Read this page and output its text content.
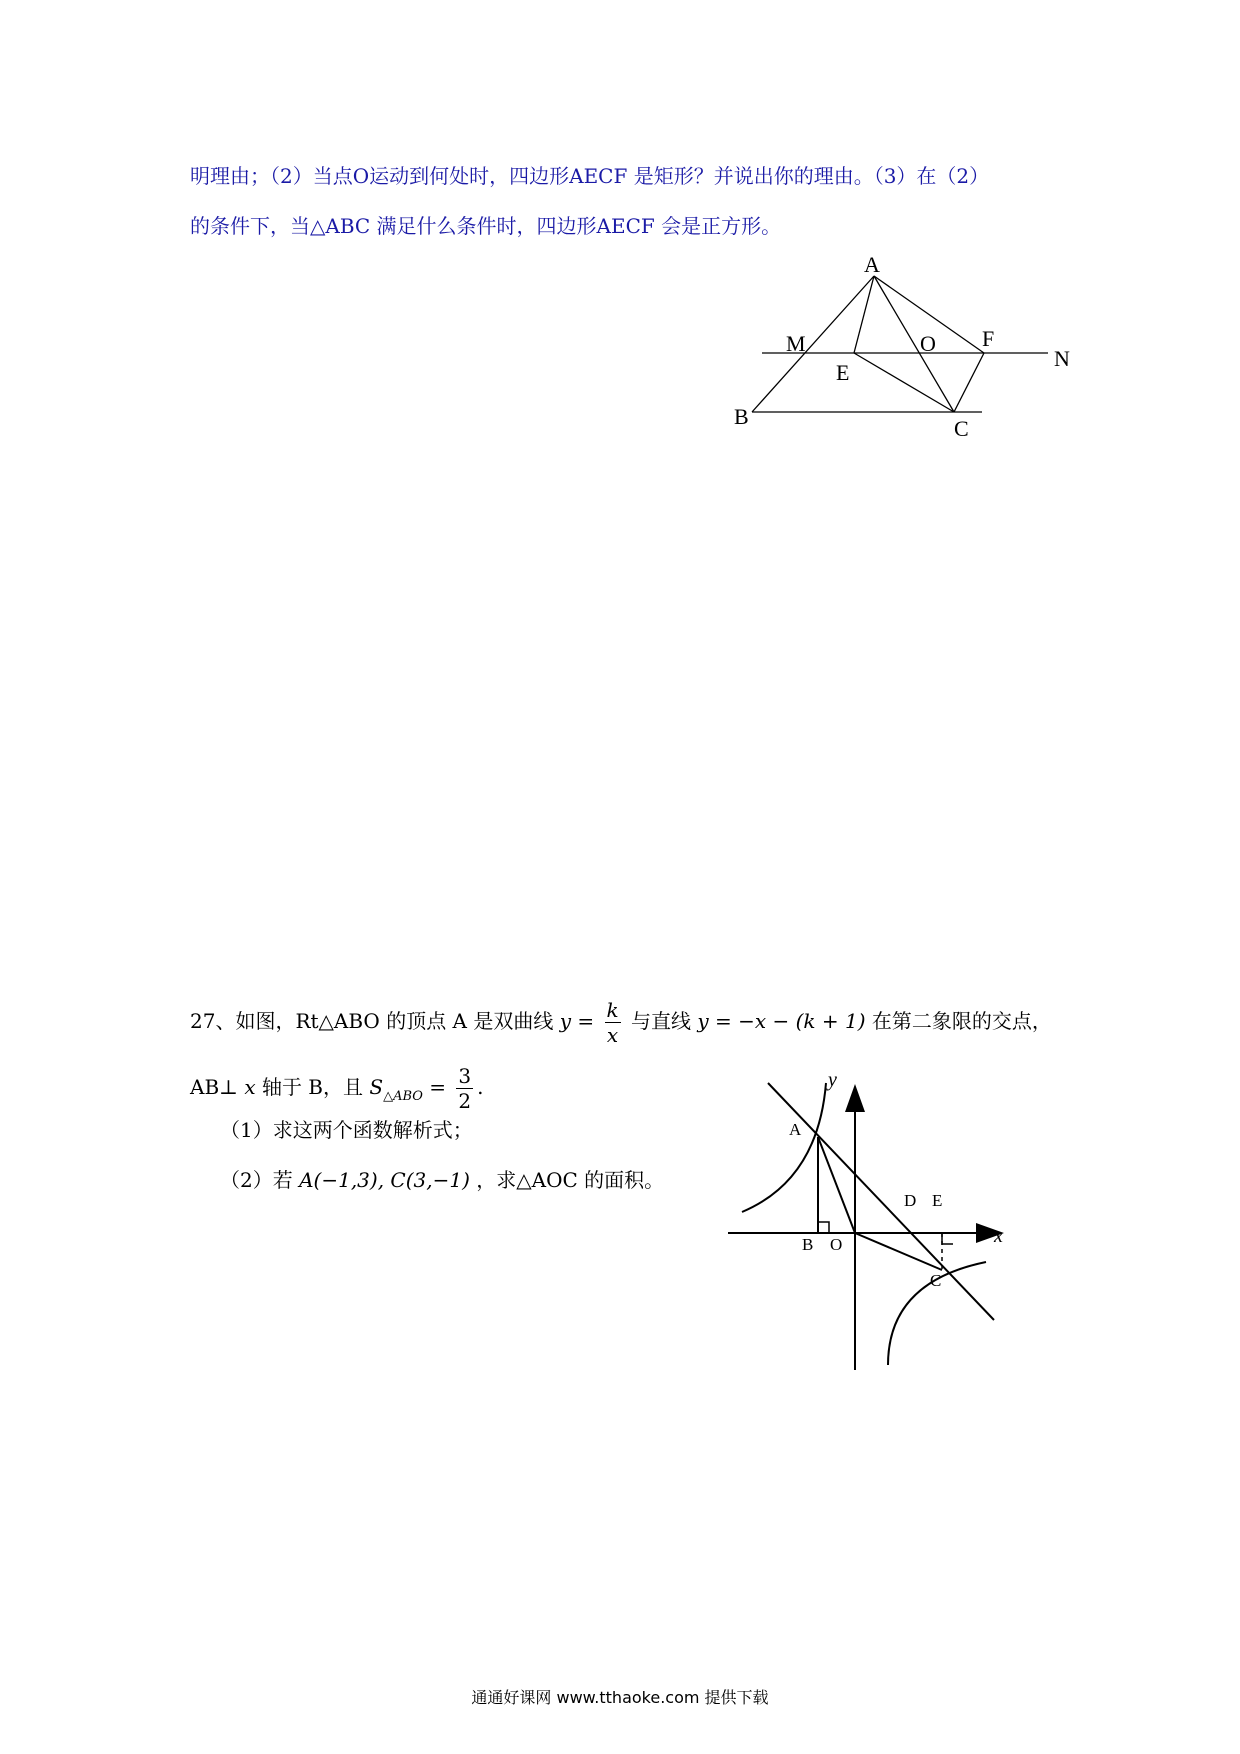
明理由；（2）当点O运动到何处时，四边形AECF 是矩形？并说出你的理由。（3）在（2）
的条件下，当△ABC 满足什么条件时，四边形AECF 会是正方形。
A
M
E
O F
N
B	C
27、如图，Rt△ABO 的顶点 A 是双曲线 $y = \frac{k}{x}$ 与直线 y = −x − (k + 1) 在第二象限的交点，
AB⊥ x 轴于 B，且 $S_{\triangle ABO} = \frac{3}{2}$ .
（1）求这两个函数解析式；
（2）若 A(−1,3), C(3,−1) ，求△AOC 的面积。
y
x
A
B O
D E
C
通通好课网 www.tthaoke.com 提供下载
